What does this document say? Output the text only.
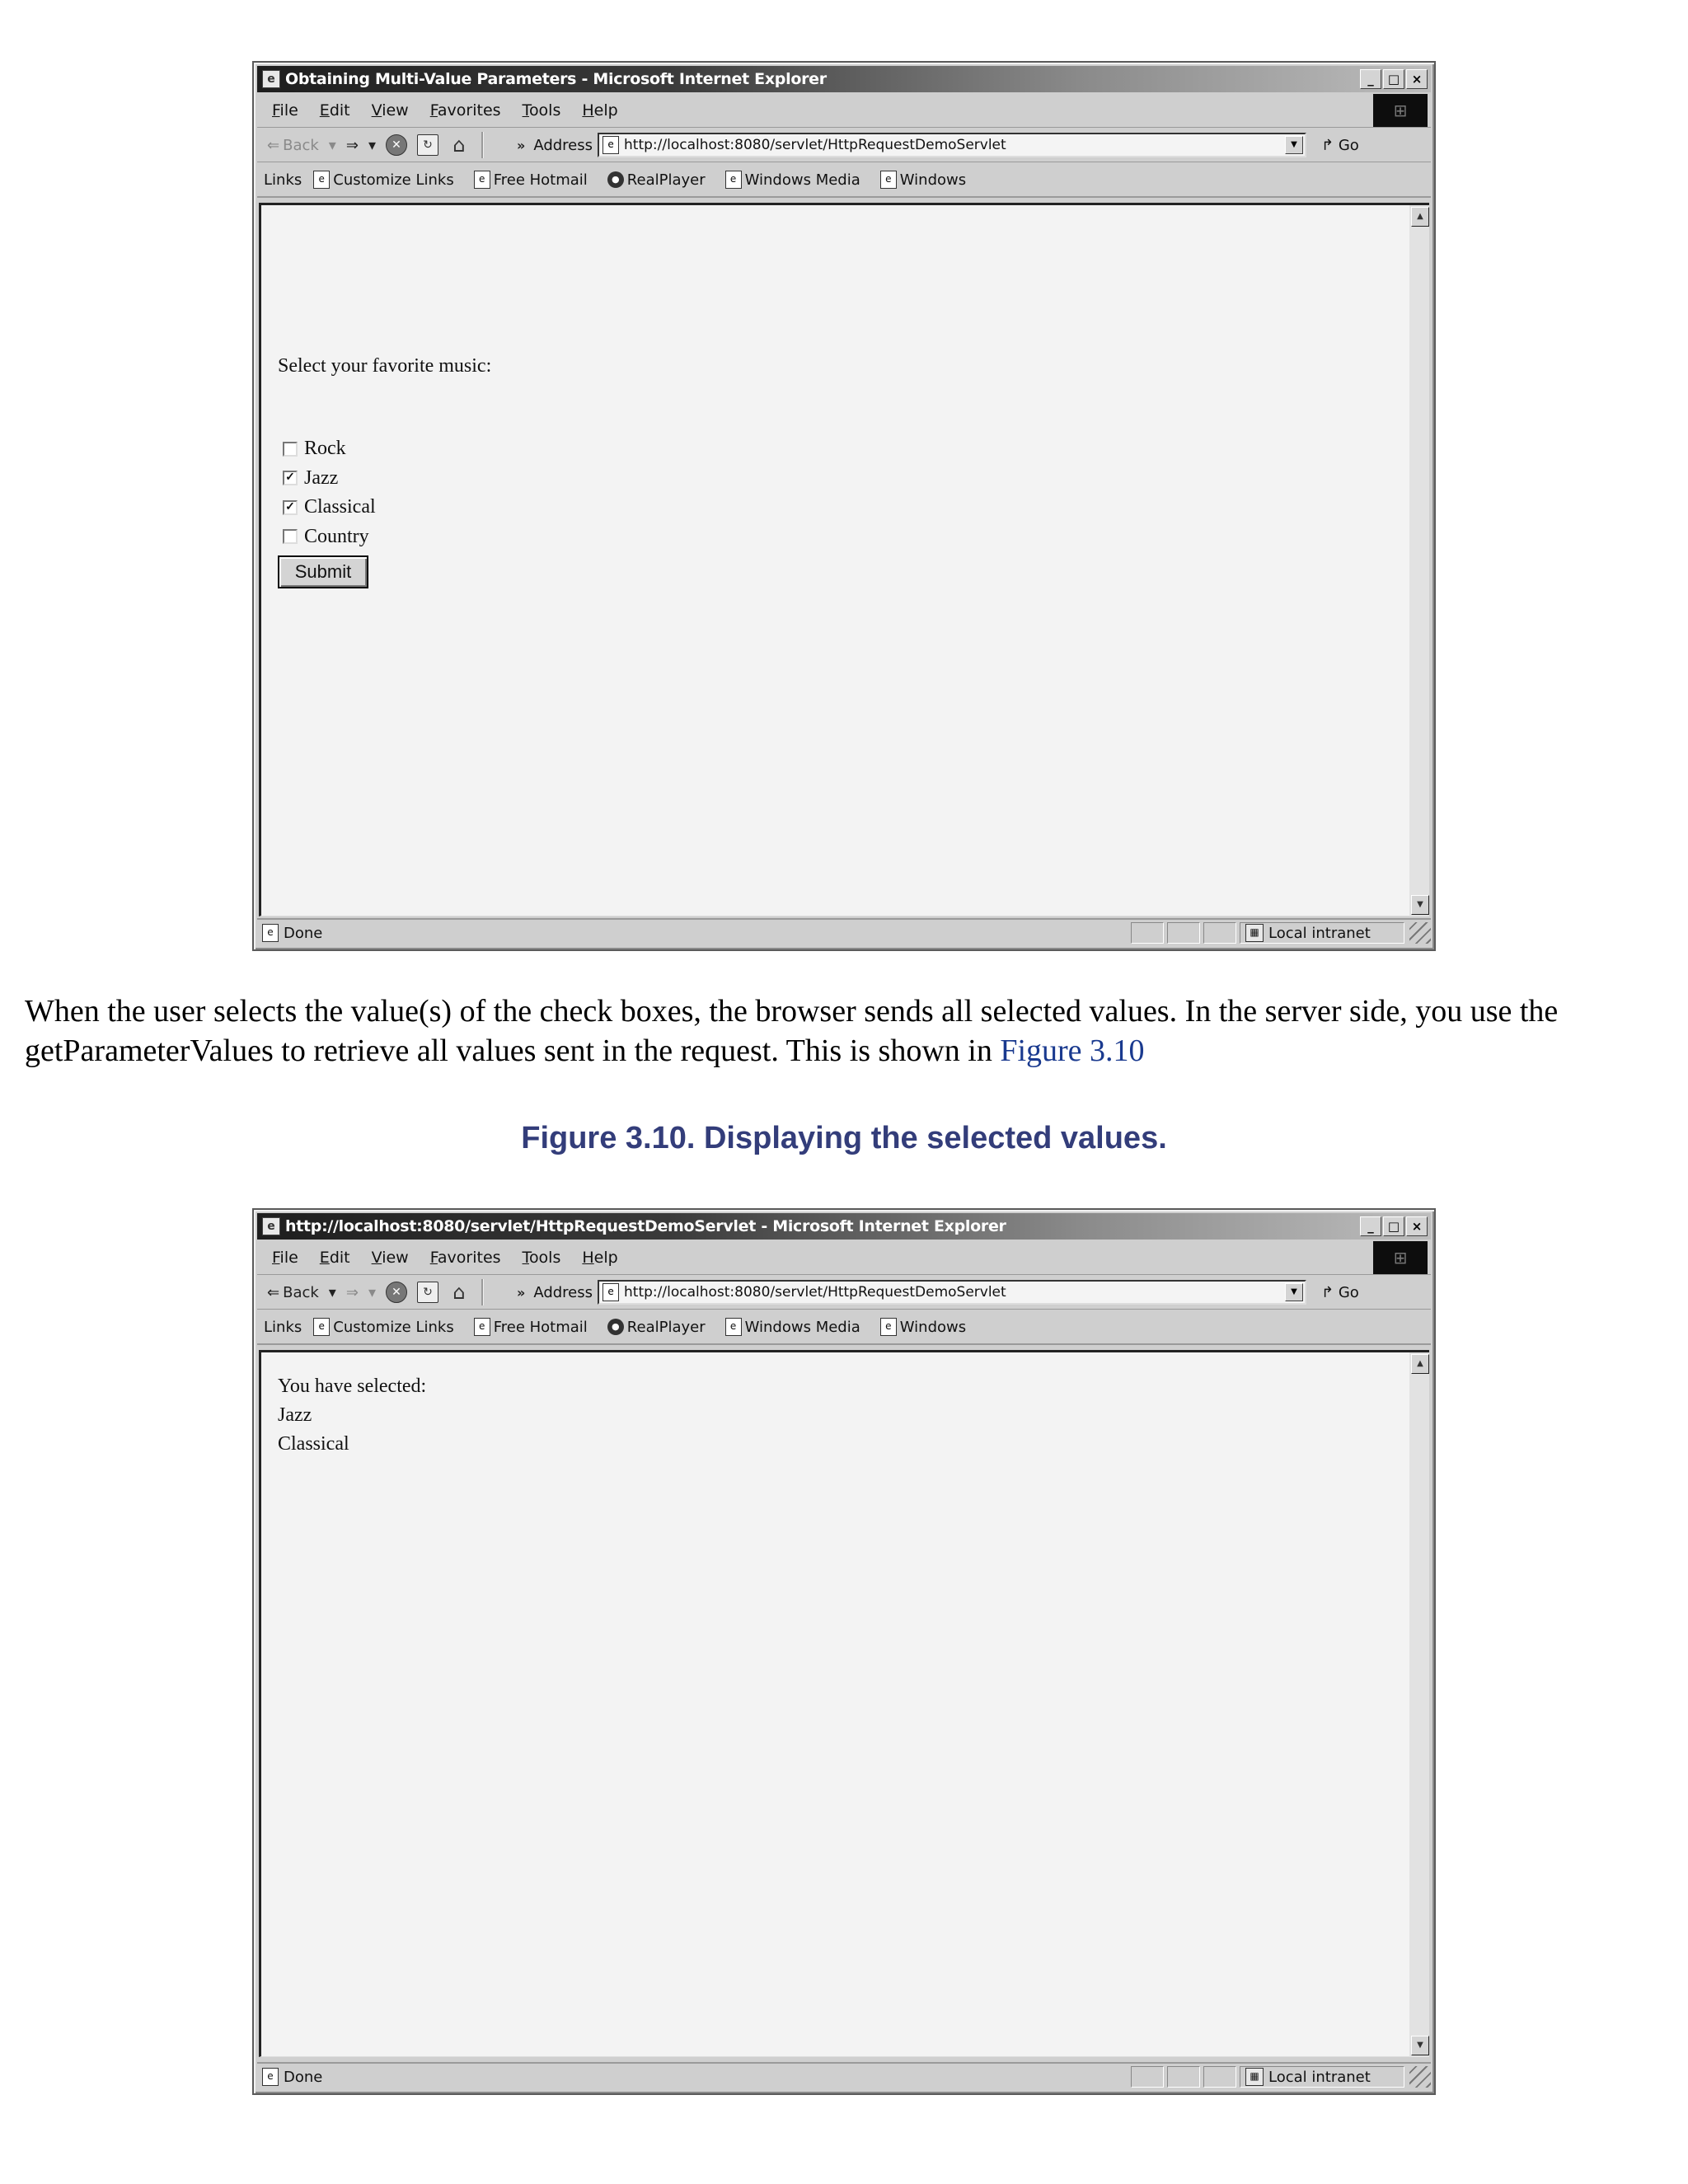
e Obtaining Multi-Value Parameters - Microsoft Internet Explorer	_	□ ×
File Edit View Favorites Tools Help	⊞
⇐ Back ▾ ⇒ ▾	✕	↻ ⌂	» Address	e http://localhost:8080/servlet/HttpRequestDemoServlet	▼	↱ Go
Links	e Customize Links	e Free Hotmail	● RealPlayer	e Windows Media	e Windows
Select your favorite music:
Rock
✓ Jazz
✓ Classical
Country
Submit
▲
▼
e Done	▦ Local intranet
When the user selects the value(s) of the check boxes, the browser sends all selected values. In the server side, you use the getParameterValues to retrieve all values sent in the request. This is shown in Figure 3.10
Figure 3.10. Displaying the selected values.
e http://localhost:8080/servlet/HttpRequestDemoServlet - Microsoft Internet Explorer	_	□ ×
File Edit View Favorites Tools Help	⊞
⇐ Back ▾ ⇒ ▾	✕	↻ ⌂	» Address	e http://localhost:8080/servlet/HttpRequestDemoServlet	▼	↱ Go
Links	e Customize Links	e Free Hotmail	● RealPlayer	e Windows Media	e Windows
You have selected:
Jazz
Classical
▲
▼
e Done	▦ Local intranet
